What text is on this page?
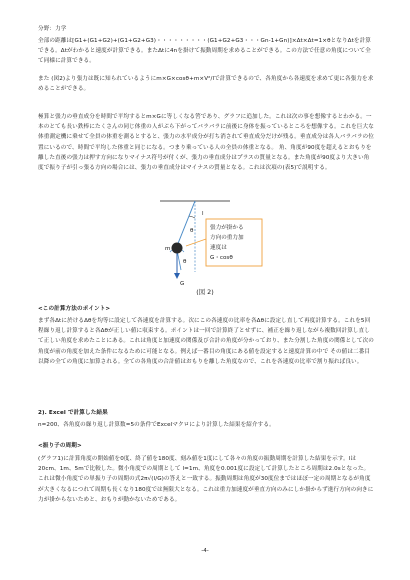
分野：力学
全部の距離は[G1+(G1+G2)+(G1+G2+G3)・・・・・・・・・(G1+G2+G3・・・Gn-1+Gn)]×Δt×Δt=1×θとなりΔtを計算できる。Δtがわかると速度が計算できる。またΔtに4nを掛けて振動周期を求めることができる。この方法で任意の角度について全て同様に計算できる。
また (図2)より張力は既に知られているようにm×G×cosθ+m×V²/lで計算できるので、各角度から各速度を求めて更に各張力を求めることができる。
極算と張力の垂直成分を時間で平均するとm×Gに等しくなる筈であり、グラフに追加した。これは次の事を想像するとわかる。一本のとても長い鉄棒にたくさんの同じ体重の人がぶら下がってバラバラに前後に身体を振っているところを想像する。これを巨大な体重測定機に乗せて全員の体重を測るとすると、張力の水平成分が打ち消されて垂直成分だけが残る。垂直成分は各人バラバラの位置にいるので、時間で平均した体重と同じになる。つまり乗っている人の全員の体重となる。 角、角度が90度を超えるとおもりを離した直後の張力は押す方向になりマイナス符号が付くが、張力の垂直成分はプラスの質量となる。また角度が90度より大きい角度で振り子が引っ張る方向の場合には、張力の垂直成分はマイナスの質量となる。これは次項の(表5)で説明する。
l
θ
θ
m
G
張力が掛かる
方向の重力加
速度は
G・cosθ
(図 2)
<この計算方法のポイント>
まず各Δtに於けるΔθを均等に設定して各速度を計算する。次にこの各速度の比率を各Δθに設定し直して再度計算する。これを5回程繰り返し計算すると各Δθが正しい値に収束する。ポイントは一回で計算終了とせずに、補正を繰り返しながら複数回計算し直して正しい角度を求めたことにある。これは角度と加速度の関係及び合計の角度が分かっており、また分割した角度の関係として次の角度が前の角度を加えた条件になるために可能となる。例えば一番目の角度にある値を設定すると速度計算の中で その値は二番目以降の全ての角度に加算される。全ての各角度の合計値はおもりを離した角度なので、これを各速度の比率で割り振れば良い。
2). Excel で計算した結果
n=200、各角度の繰り返し計算数=5の条件でExcelマクロにより計算した結果を紹介する。
<振り子の周期>
(グラフ1)に計算角度の開始値を0度、終了値を180度、刻み値を1度にして各々の角度の振動周期を計算した結果を示す。lは20cm、1m、5mで比較した。微小角度での周期として l=1m、角度を0.001度に設定して計算したところ周期は2.0sとなった。これは微小角度での単振り子の周期の式2π√(l/G)の答えと一致する。振動周期は角度が30度位まではほぼ一定の周期となるが角度が大きくなるにつれて周期も長くなり180度では無限大となる。これは重力加速度が垂直方向のみにしか掛からず進行方向の向きに力が掛からないためと、おもりが動かないためである。
-4-
